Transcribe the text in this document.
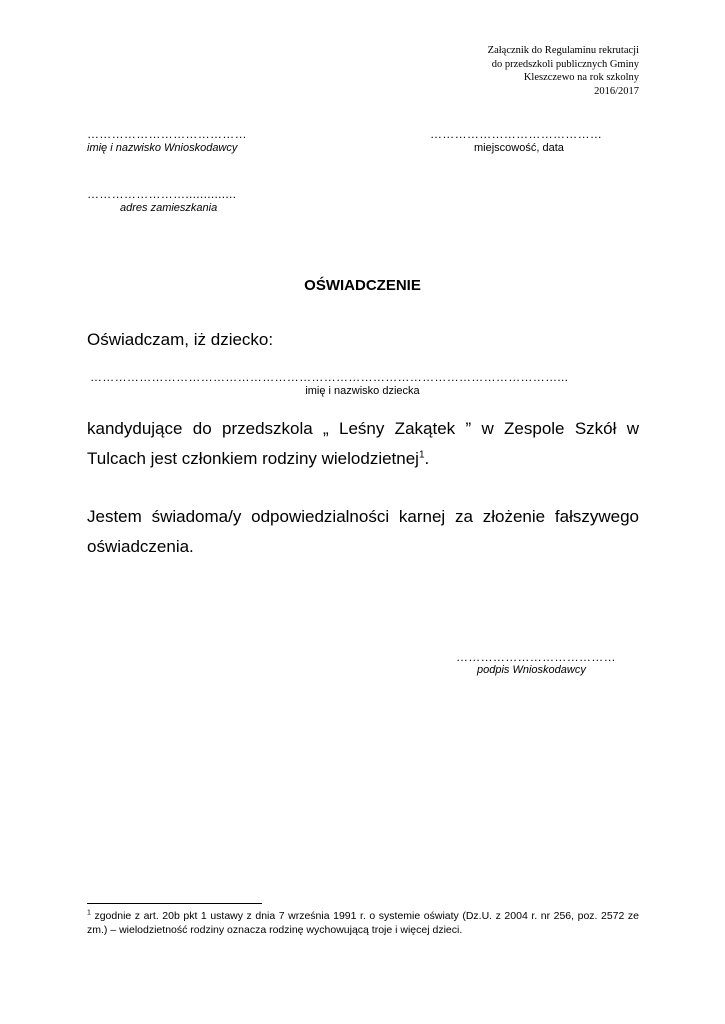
Załącznik do Regulaminu rekrutacji
do przedszkoli publicznych Gminy
Kleszczewo na rok szkolny
2016/2017
…………………………………
imię i nazwisko Wnioskodawcy
……………………………………
miejscowość, data
……………………..............
adres zamieszkania
OŚWIADCZENIE
Oświadczam, iż dziecko:
……………………………………………………………………………………………………...
imię i nazwisko dziecka
kandydujące do przedszkola „ Leśny Zakątek ” w Zespole Szkół w Tulcach jest członkiem rodziny wielodzietnej$^1$.
Jestem świadoma/y odpowiedzialności karnej za złożenie fałszywego oświadczenia.
…………………………………
podpis Wnioskodawcy
$^1$ zgodnie z art. 20b pkt 1 ustawy z dnia 7 września 1991 r. o systemie oświaty (Dz.U. z 2004 r. nr 256, poz. 2572 ze zm.) – wielodzietność rodziny oznacza rodzinę wychowującą troje i więcej dzieci.
